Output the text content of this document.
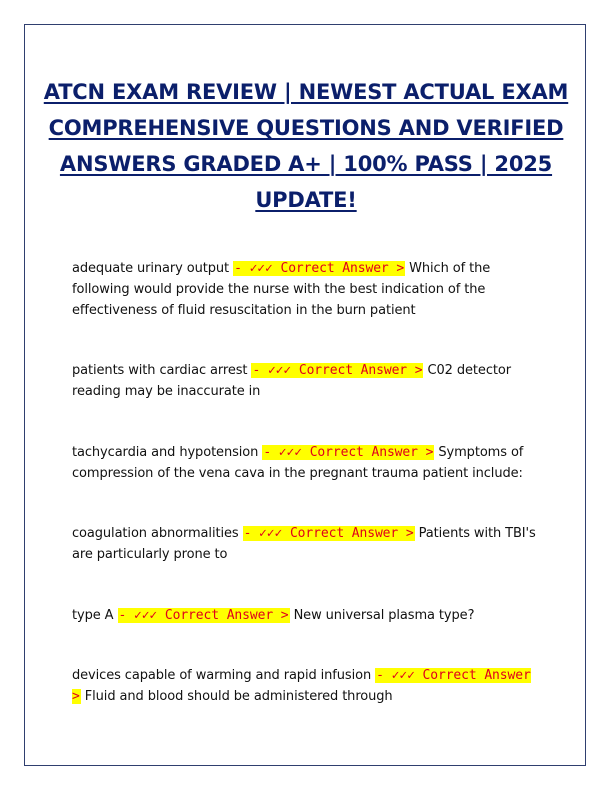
ATCN EXAM REVIEW | NEWEST ACTUAL EXAM COMPREHENSIVE QUESTIONS AND VERIFIED ANSWERS GRADED A+ | 100% PASS | 2025 UPDATE!

adequate urinary output - ✓✓✓ Correct Answer > Which of the following would provide the nurse with the best indication of the effectiveness of fluid resuscitation in the burn patient

patients with cardiac arrest - ✓✓✓ Correct Answer > C02 detector reading may be inaccurate in

tachycardia and hypotension - ✓✓✓ Correct Answer > Symptoms of compression of the vena cava in the pregnant trauma patient include:

coagulation abnormalities - ✓✓✓ Correct Answer > Patients with TBI's are particularly prone to

type A - ✓✓✓ Correct Answer > New universal plasma type?

devices capable of warming and rapid infusion - ✓✓✓ Correct Answer > Fluid and blood should be administered through
